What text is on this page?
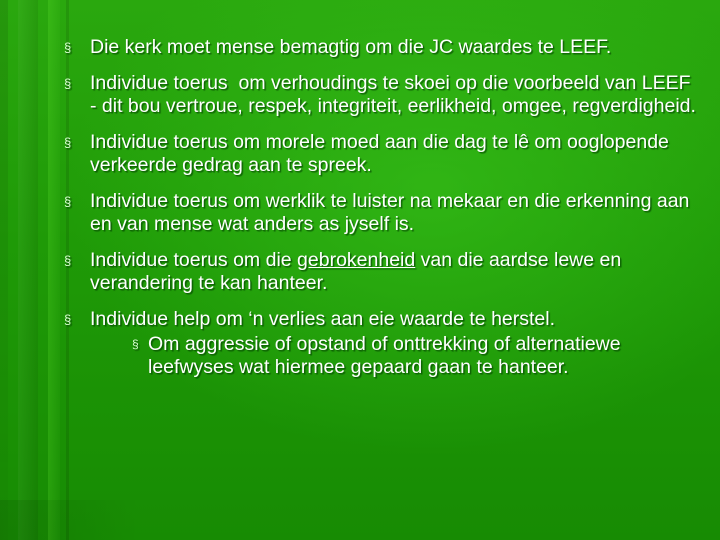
§ Die kerk moet mense bemagtig om die JC waardes te LEEF.
§ Individue toerus  om verhoudings te skoei op die voorbeeld van LEEF - dit bou vertroue, respek, integriteit, eerlikheid, omgee, regverdigheid.
§ Individue toerus om morele moed aan die dag te lê om ooglopende verkeerde gedrag aan te spreek.
§ Individue toerus om werklik te luister na mekaar en die erkenning aan en van mense wat anders as jyself is.
§ Individue toerus om die gebrokenheid van die aardse lewe en verandering te kan hanteer.
§ Individue help om ‘n verlies aan eie waarde te herstel.
§ Om aggressie of opstand of onttrekking of alternatiewe leefwyses wat hiermee gepaard gaan te hanteer.
